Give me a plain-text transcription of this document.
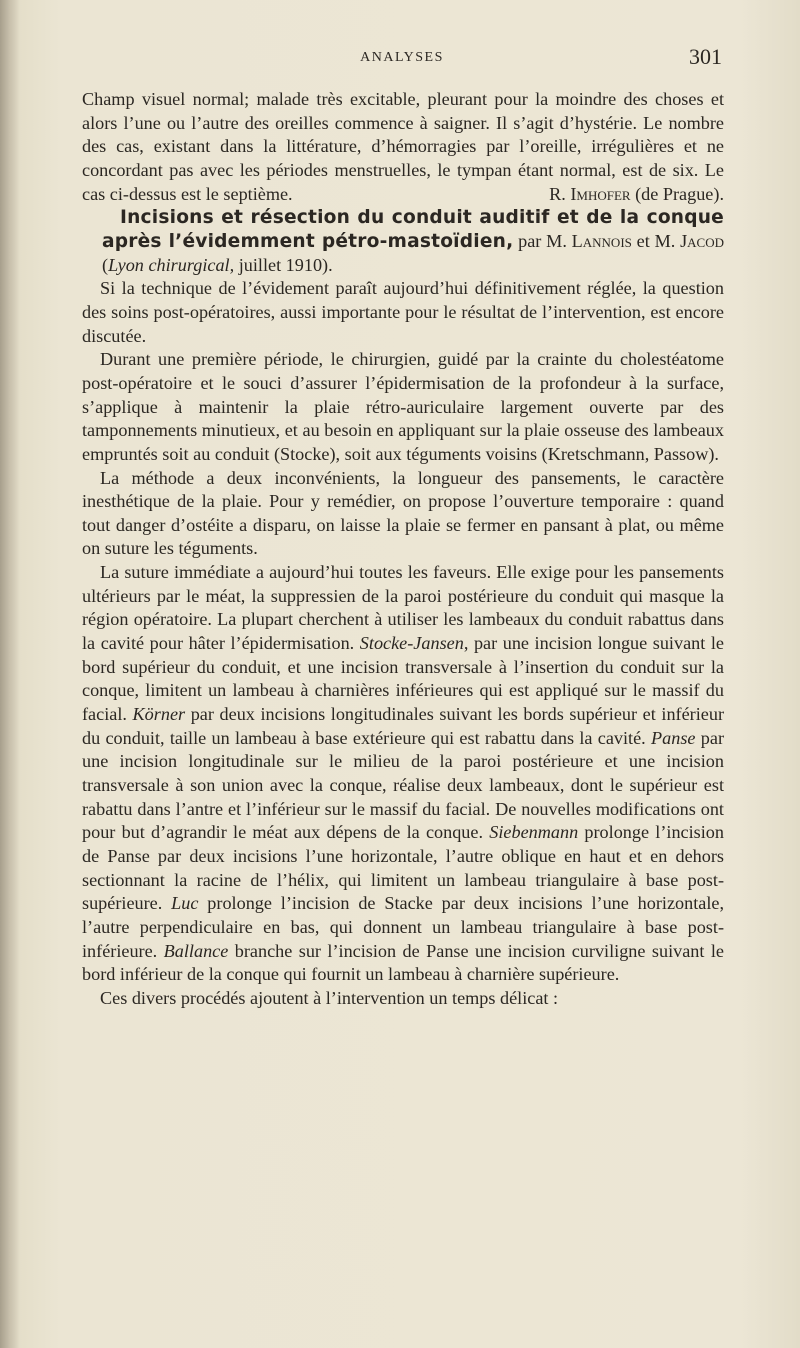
ANALYSES	301

Champ visuel normal; malade très excitable, pleurant pour la moindre des choses et alors l’une ou l’autre des oreilles commence à saigner. Il s’agit d’hystérie. Le nombre des cas, existant dans la littérature, d’hémorragies par l’oreille, irrégulières et ne concordant pas avec les périodes menstruelles, le tympan étant normal, est de six. Le cas ci-dessus est le septième.	R. Imhofer (de Prague).

Incisions et résection du conduit auditif et de la conque après l’évidemment pétro-mastoïdien, par M. Lannois et M. Jacod (Lyon chirurgical, juillet 1910).

Si la technique de l’évidement paraît aujourd’hui définitivement réglée, la question des soins post-opératoires, aussi importante pour le résultat de l’intervention, est encore discutée.

Durant une première période, le chirurgien, guidé par la crainte du cholestéatome post-opératoire et le souci d’assurer l’épidermisation de la profondeur à la surface, s’applique à maintenir la plaie rétro-auriculaire largement ouverte par des tamponnements minutieux, et au besoin en appliquant sur la plaie osseuse des lambeaux empruntés soit au conduit (Stocke), soit aux téguments voisins (Kretschmann, Passow).

La méthode a deux inconvénients, la longueur des pansements, le caractère inesthétique de la plaie. Pour y remédier, on propose l’ouverture temporaire : quand tout danger d’ostéite a disparu, on laisse la plaie se fermer en pansant à plat, ou même on suture les téguments.

La suture immédiate a aujourd’hui toutes les faveurs. Elle exige pour les pansements ultérieurs par le méat, la suppressien de la paroi postérieure du conduit qui masque la région opératoire. La plupart cherchent à utiliser les lambeaux du conduit rabattus dans la cavité pour hâter l’épidermisation. Stocke-Jansen, par une incision longue suivant le bord supérieur du conduit, et une incision transversale à l’insertion du conduit sur la conque, limitent un lambeau à charnières inférieures qui est appliqué sur le massif du facial. Körner par deux incisions longitudinales suivant les bords supérieur et inférieur du conduit, taille un lambeau à base extérieure qui est rabattu dans la cavité. Panse par une incision longitudinale sur le milieu de la paroi postérieure et une incision transversale à son union avec la conque, réalise deux lambeaux, dont le supérieur est rabattu dans l’antre et l’inférieur sur le massif du facial. De nouvelles modifications ont pour but d’agrandir le méat aux dépens de la conque. Siebenmann prolonge l’incision de Panse par deux incisions l’une horizontale, l’autre oblique en haut et en dehors sectionnant la racine de l’hélix, qui limitent un lambeau triangulaire à base post-supérieure. Luc prolonge l’incision de Stacke par deux incisions l’une horizontale, l’autre perpendiculaire en bas, qui donnent un lambeau triangulaire à base post-inférieure. Ballance branche sur l’incision de Panse une incision curviligne suivant le bord inférieur de la conque qui fournit un lambeau à charnière supérieure.

Ces divers procédés ajoutent à l’intervention un temps délicat :
